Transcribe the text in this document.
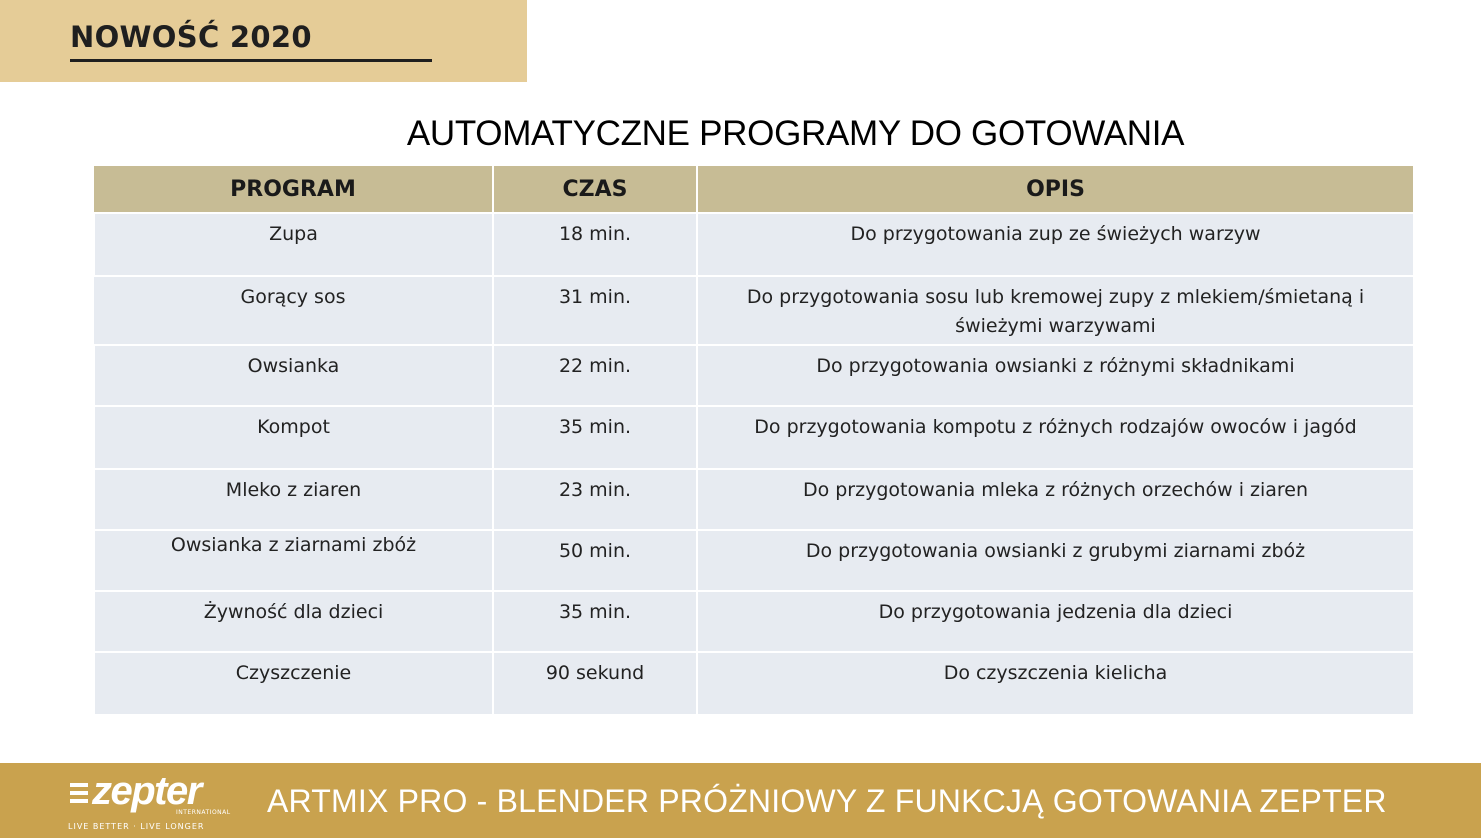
NOWOŚĆ 2020
AUTOMATYCZNE PROGRAMY DO GOTOWANIA
PROGRAM	CZAS	OPIS
Zupa	18 min.	Do przygotowania zup ze świeżych warzyw
Gorący sos	31 min.	Do przygotowania sosu lub kremowej zupy z mlekiem/śmietaną i świeżymi warzywami
Owsianka	22 min.	Do przygotowania owsianki z różnymi składnikami
Kompot	35 min.	Do przygotowania kompotu z różnych rodzajów owoców i jagód
Mleko z ziaren	23 min.	Do przygotowania mleka z różnych orzechów i ziaren
Owsianka z ziarnami zbóż	50 min.	Do przygotowania owsianki z grubymi ziarnami zbóż
Żywność dla dzieci	35 min.	Do przygotowania jedzenia dla dzieci
Czyszczenie	90 sekund	Do czyszczenia kielicha
zepter
INTERNATIONAL
LIVE BETTER · LIVE LONGER
ARTMIX PRO - BLENDER PRÓŻNIOWY Z FUNKCJĄ GOTOWANIA ZEPTER
